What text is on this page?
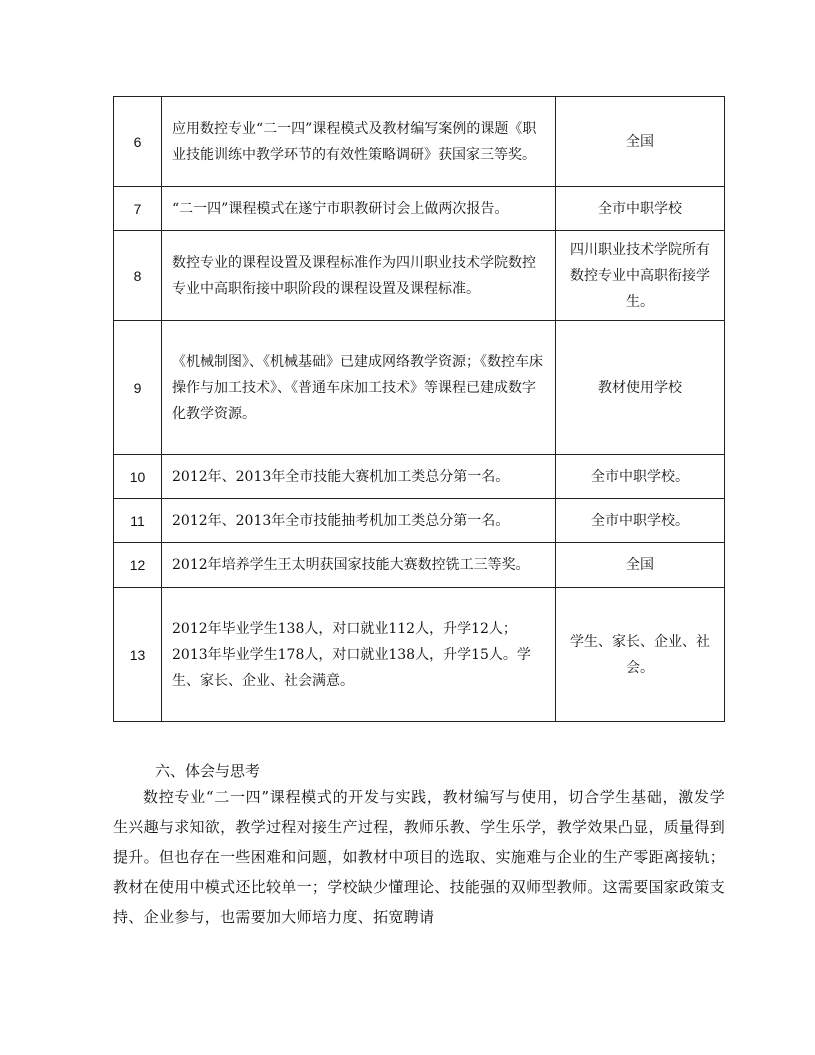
6	应用数控专业“二一四”课程模式及教材编写案例的课题《职业技能训练中教学环节的有效性策略调研》获国家三等奖。	全国
7	“二一四”课程模式在遂宁市职教研讨会上做两次报告。	全市中职学校
8	数控专业的课程设置及课程标准作为四川职业技术学院数控专业中高职衔接中职阶段的课程设置及课程标准。	四川职业技术学院所有数控专业中高职衔接学生。
9	《机械制图》、《机械基础》已建成网络教学资源；《数控车床操作与加工技术》、《普通车床加工技术》等课程已建成数字化教学资源。	教材使用学校
10	2012年、2013年全市技能大赛机加工类总分第一名。	全市中职学校。
11	2012年、2013年全市技能抽考机加工类总分第一名。	全市中职学校。
12	2012年培养学生王太明获国家技能大赛数控铣工三等奖。	全国
13	2012年毕业学生138人，对口就业112人，升学12人；2013年毕业学生178人，对口就业138人，升学15人。学生、家长、企业、社会满意。	学生、家长、企业、社会。
六、体会与思考

数控专业“二一四”课程模式的开发与实践，教材编写与使用，切合学生基础，激发学生兴趣与求知欲，教学过程对接生产过程，教师乐教、学生乐学，教学效果凸显，质量得到提升。但也存在一些困难和问题，如教材中项目的选取、实施难与企业的生产零距离接轨；教材在使用中模式还比较单一；学校缺少懂理论、技能强的双师型教师。这需要国家政策支持、企业参与，也需要加大师培力度、拓宽聘请
